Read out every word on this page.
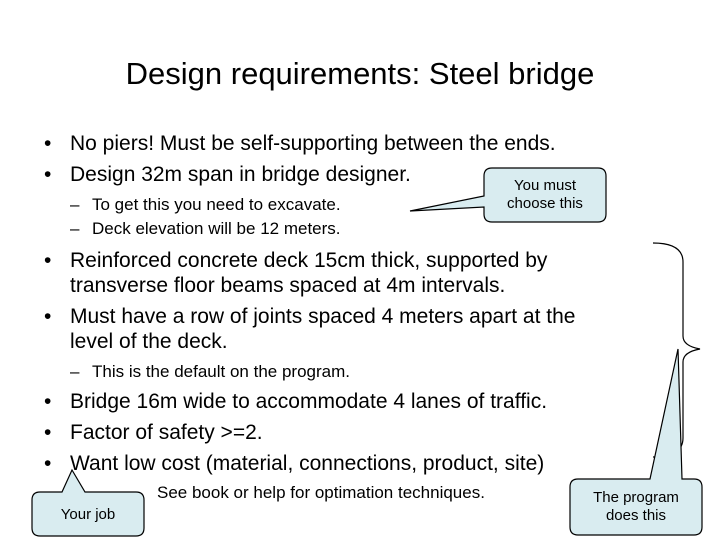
Design requirements: Steel bridge
• No piers! Must be self-supporting between the ends.
• Design 32m span in bridge designer.
– To get this you need to excavate.
– Deck elevation will be 12 meters.
• Reinforced concrete deck 15cm thick, supported by
transverse floor beams spaced at 4m intervals.
• Must have a row of joints spaced 4 meters apart at the
level of the deck.
– This is the default on the program.
• Bridge 16m wide to accommodate 4 lanes of traffic.
• Factor of safety >=2.
• Want low cost (material, connections, product, site)
See book or help for optimation techniques.
You must
choose this
The program
does this
Your job
